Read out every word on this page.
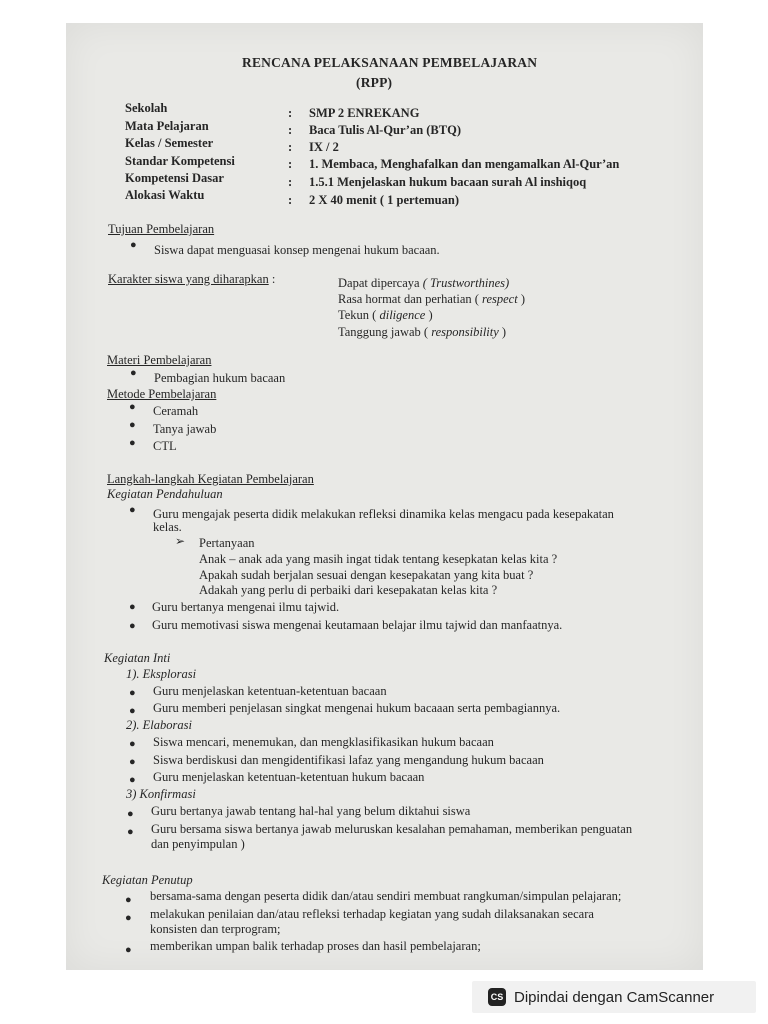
RENCANA PELAKSANAAN PEMBELAJARAN
(RPP)
Sekolah	: SMP 2 ENREKANG
Mata Pelajaran	: Baca Tulis Al-Qur’an (BTQ)
Kelas / Semester	: IX / 2
Standar Kompetensi	: 1. Membaca, Menghafalkan dan mengamalkan Al-Qur’an
Kompetensi Dasar	: 1.5.1 Menjelaskan hukum bacaan surah Al inshiqoq
Alokasi Waktu	: 2 X 40 menit ( 1 pertemuan)
Tujuan Pembelajaran
● Siswa dapat menguasai konsep mengenai hukum bacaan.
Karakter siswa yang diharapkan :	Dapat dipercaya ( Trustworthines)
Rasa hormat dan perhatian ( respect )
Tekun ( diligence )
Tanggung jawab ( responsibility )
Materi Pembelajaran
● Pembagian hukum bacaan
Metode Pembelajaran
● Ceramah
● Tanya jawab
● CTL
Langkah-langkah Kegiatan Pembelajaran
Kegiatan Pendahuluan
● Guru mengajak peserta didik melakukan refleksi dinamika kelas mengacu pada kesepakatan
kelas.
➢ Pertanyaan
Anak – anak ada yang masih ingat tidak tentang kesepkatan kelas kita ?
Apakah sudah berjalan sesuai dengan kesepakatan yang kita buat ?
Adakah yang perlu di perbaiki dari kesepakatan kelas kita ?
● Guru bertanya mengenai ilmu tajwid.
● Guru memotivasi siswa mengenai keutamaan belajar ilmu tajwid dan manfaatnya.
Kegiatan Inti
1). Eksplorasi
● Guru menjelaskan ketentuan-ketentuan bacaan
● Guru memberi penjelasan singkat mengenai hukum bacaaan serta pembagiannya.
2). Elaborasi
● Siswa mencari, menemukan, dan mengklasifikasikan hukum bacaan
● Siswa berdiskusi dan mengidentifikasi lafaz yang mengandung hukum bacaan
● Guru menjelaskan ketentuan-ketentuan hukum bacaan
3) Konfirmasi
● Guru bertanya jawab tentang hal-hal yang belum diktahui siswa
● Guru bersama siswa bertanya jawab meluruskan kesalahan pemahaman, memberikan penguatan
dan penyimpulan )
Kegiatan Penutup
● bersama-sama dengan peserta didik dan/atau sendiri membuat rangkuman/simpulan pelajaran;
● melakukan penilaian dan/atau refleksi terhadap kegiatan yang sudah dilaksanakan secara
konsisten dan terprogram;
● memberikan umpan balik terhadap proses dan hasil pembelajaran;
CS Dipindai dengan CamScanner
